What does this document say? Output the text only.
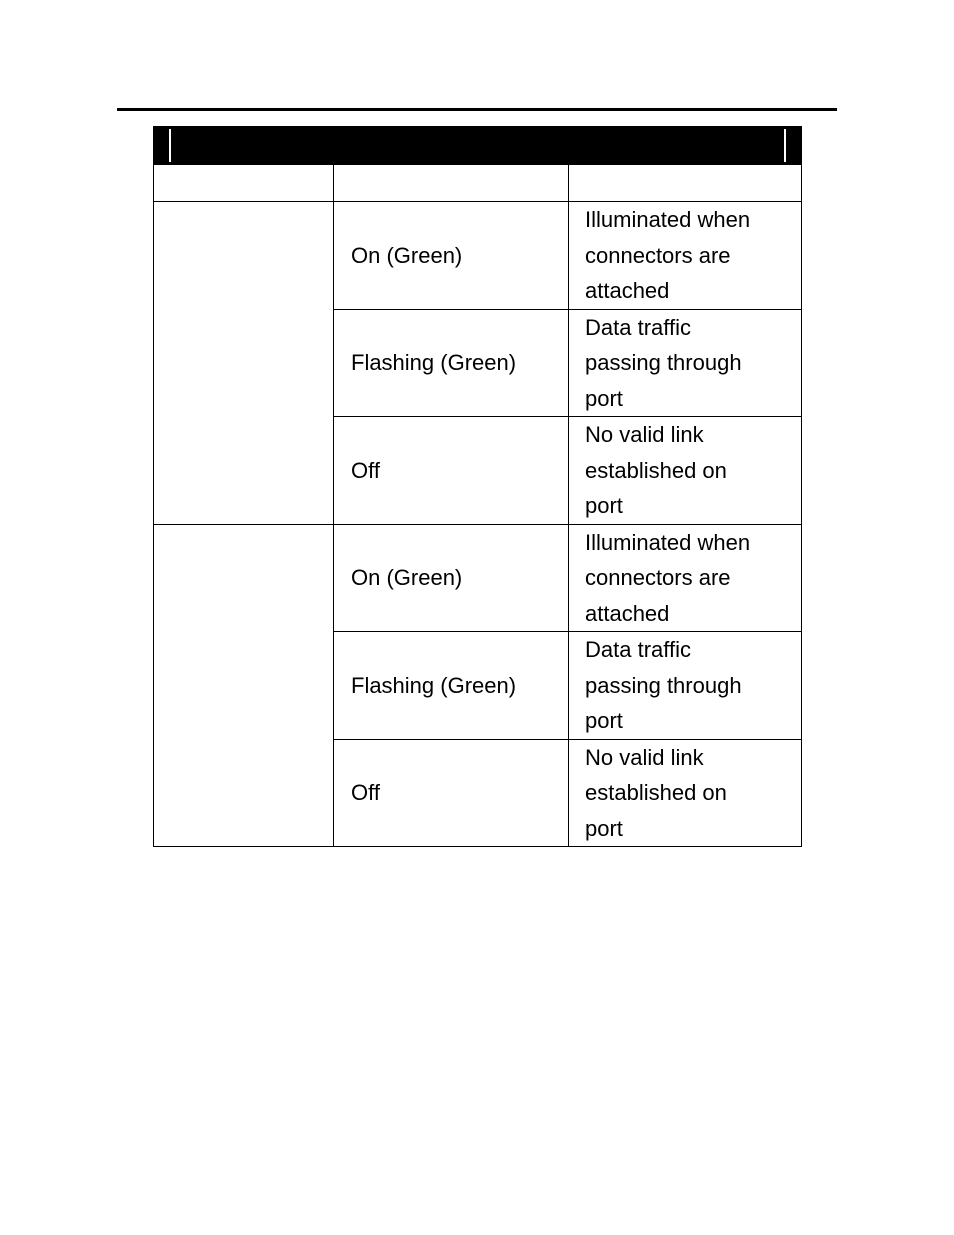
	On (Green)	Illuminated when
connectors are
attached

	Flashing (Green)	Data traffic
passing through
port

	Off	No valid link
established on
port

	On (Green)	Illuminated when
connectors are
attached

	Flashing (Green)	Data traffic
passing through
port

	Off	No valid link
established on
port
